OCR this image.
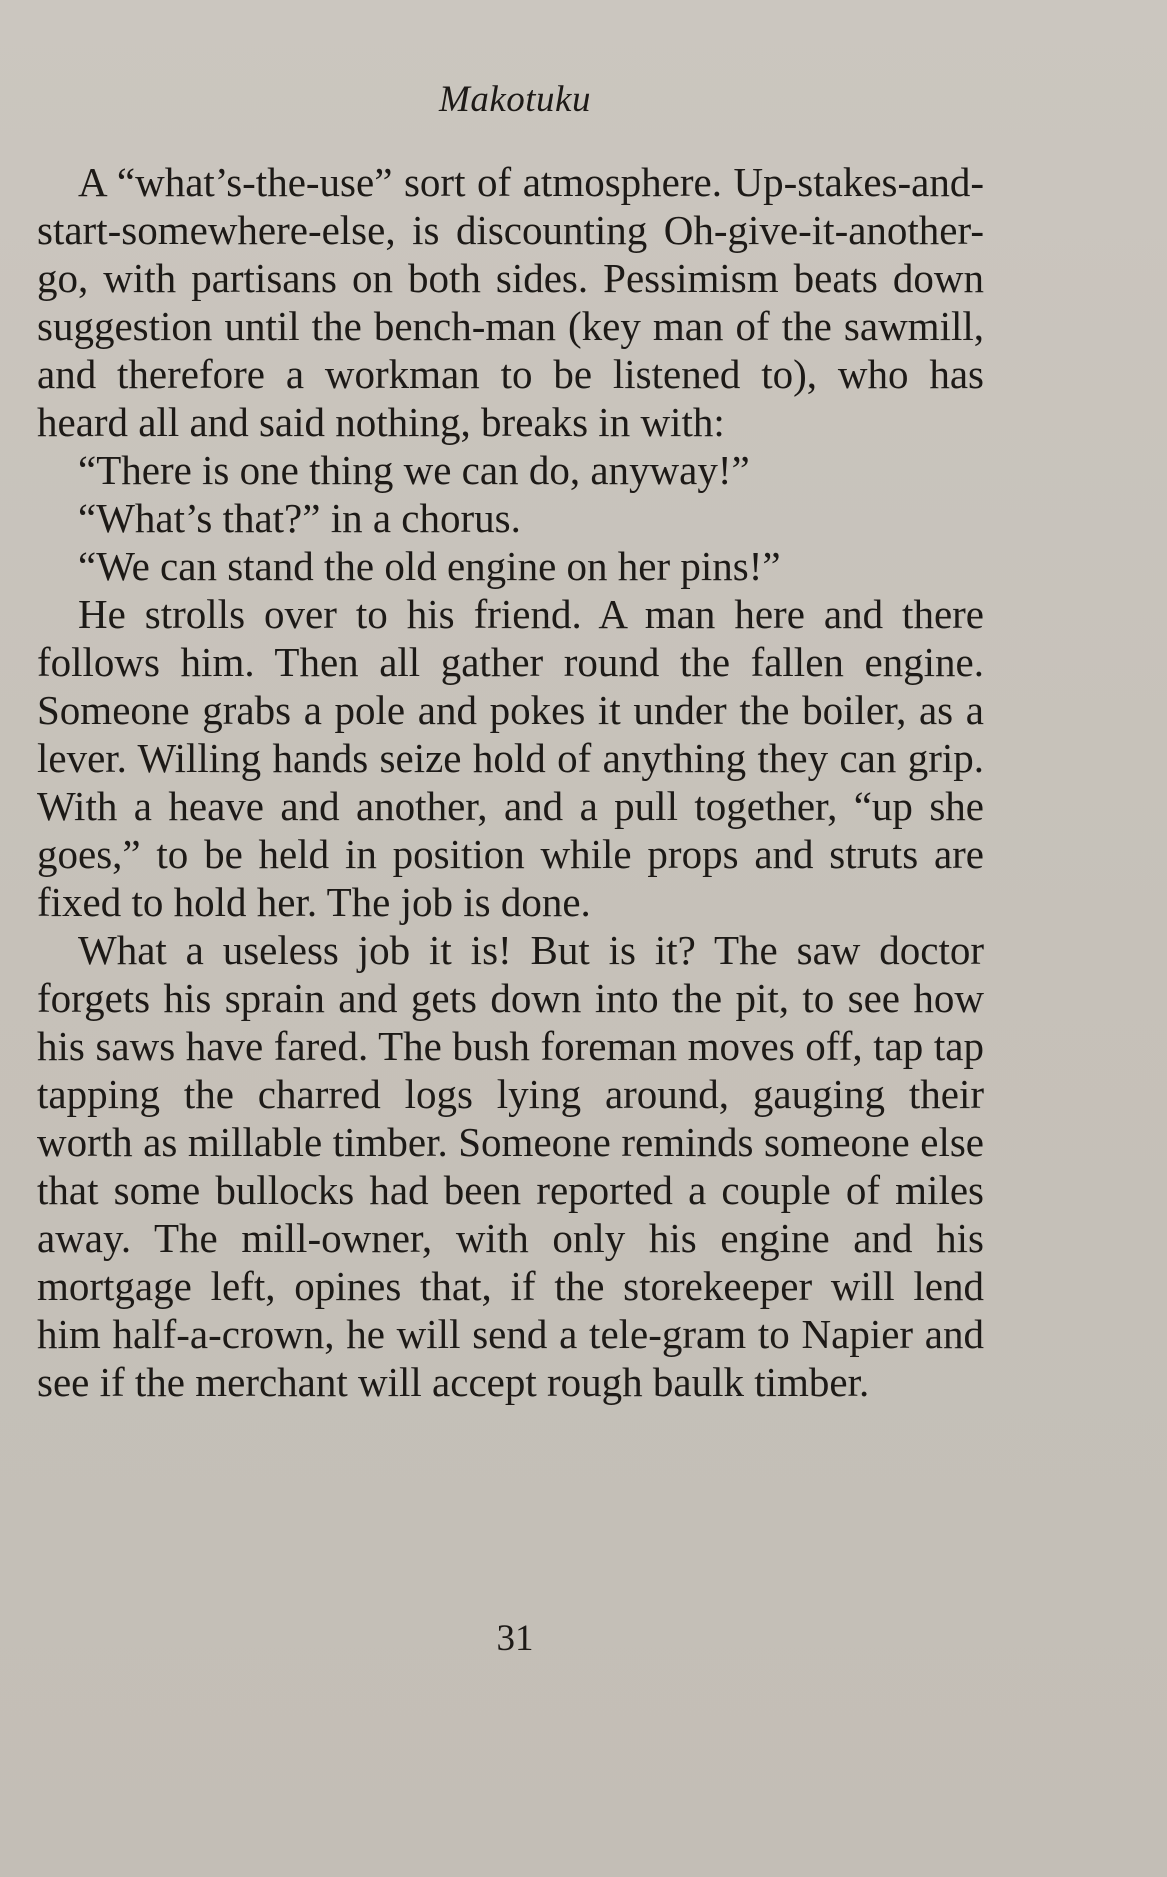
Makotuku

A “what’s-the-use” sort of atmosphere. Up-stakes-and-start-somewhere-else, is discounting Oh-give-it-another-go, with partisans on both sides. Pessimism beats down suggestion until the bench-man (key man of the sawmill, and therefore a workman to be listened to), who has heard all and said nothing, breaks in with:

“There is one thing we can do, anyway!”

“What’s that?” in a chorus.

“We can stand the old engine on her pins!”

He strolls over to his friend. A man here and there follows him. Then all gather round the fallen engine. Someone grabs a pole and pokes it under the boiler, as a lever. Willing hands seize hold of anything they can grip. With a heave and another, and a pull together, “up she goes,” to be held in position while props and struts are fixed to hold her. The job is done.

What a useless job it is! But is it? The saw doctor forgets his sprain and gets down into the pit, to see how his saws have fared. The bush foreman moves off, tap tap tapping the charred logs lying around, gauging their worth as millable timber. Someone reminds someone else that some bullocks had been reported a couple of miles away. The mill-owner, with only his engine and his mortgage left, opines that, if the storekeeper will lend him half-a-crown, he will send a tele-gram to Napier and see if the merchant will accept rough baulk timber.

31
